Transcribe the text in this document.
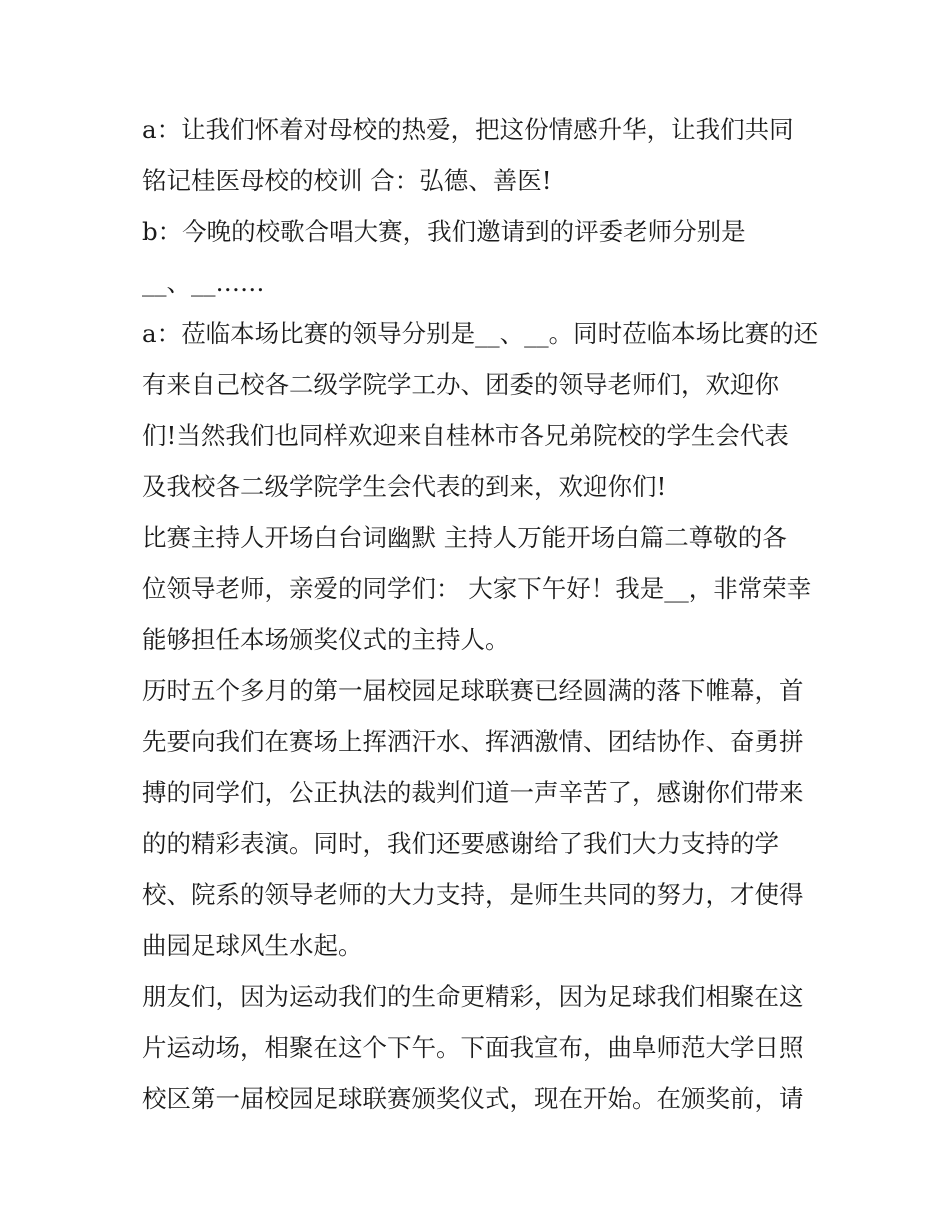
a：让我们怀着对母校的热爱，把这份情感升华，让我们共同
铭记桂医母校的校训 合：弘德、善医!
b：今晚的校歌合唱大赛，我们邀请到的评委老师分别是
__、__……
a：莅临本场比赛的领导分别是__、__。同时莅临本场比赛的还
有来自己校各二级学院学工办、团委的领导老师们，欢迎你
们!当然我们也同样欢迎来自桂林市各兄弟院校的学生会代表
及我校各二级学院学生会代表的到来，欢迎你们!
比赛主持人开场白台词幽默 主持人万能开场白篇二尊敬的各
位领导老师，亲爱的同学们： 大家下午好！我是__，非常荣幸
能够担任本场颁奖仪式的主持人。
历时五个多月的第一届校园足球联赛已经圆满的落下帷幕，首
先要向我们在赛场上挥洒汗水、挥洒激情、团结协作、奋勇拼
搏的同学们，公正执法的裁判们道一声辛苦了，感谢你们带来
的的精彩表演。同时，我们还要感谢给了我们大力支持的学
校、院系的领导老师的大力支持，是师生共同的努力，才使得
曲园足球风生水起。
朋友们，因为运动我们的生命更精彩，因为足球我们相聚在这
片运动场，相聚在这个下午。下面我宣布，曲阜师范大学日照
校区第一届校园足球联赛颁奖仪式，现在开始。在颁奖前，请
